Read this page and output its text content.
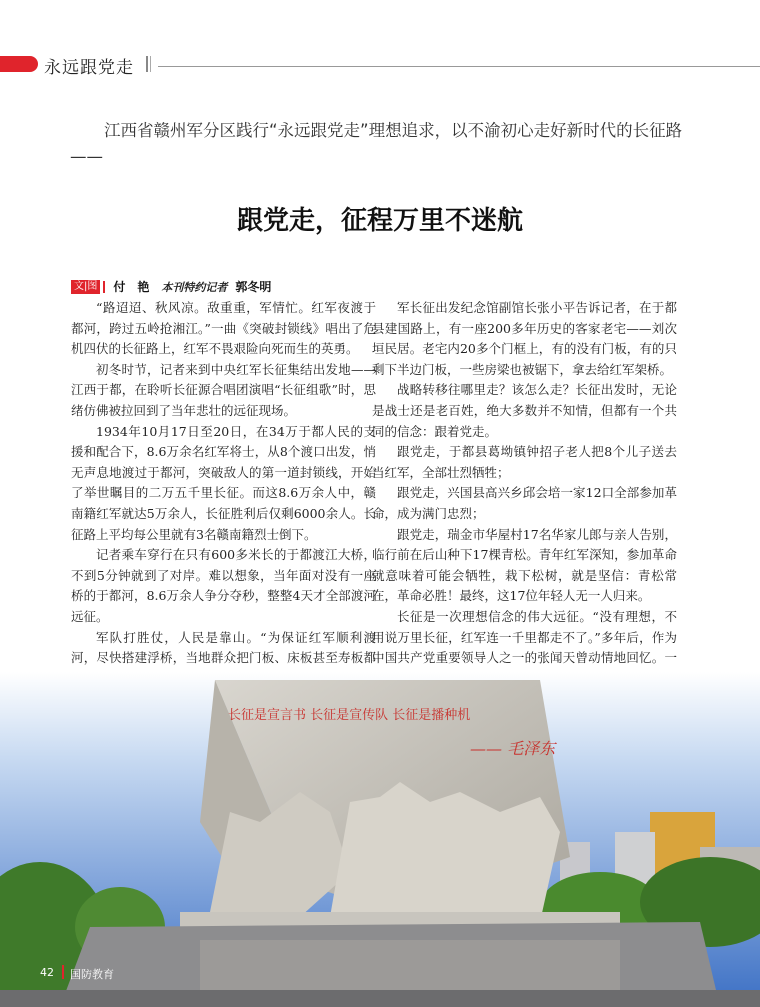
永远跟党走
江西省赣州军分区践行“永远跟党走”理想追求，以不渝初心走好新时代的长征路——
跟党走，征程万里不迷航
文|图 付　艳 本刊特约记者 郭冬明

“路迢迢、秋风凉。敌重重，军情忙。红军夜渡于都河，跨过五岭抢湘江。”一曲《突破封锁线》唱出了危机四伏的长征路上，红军不畏艰险向死而生的英勇。

初冬时节，记者来到中央红军长征集结出发地——江西于都，在聆听长征源合唱团演唱“长征组歌”时，思绪仿佛被拉回到了当年悲壮的远征现场。

1934年10月17日至20日，在34万于都人民的支援和配合下，8.6万余名红军将士，从8个渡口出发，悄无声息地渡过于都河，突破敌人的第一道封锁线，开始了举世瞩目的二万五千里长征。而这8.6万余人中，赣南籍红军就达5万余人，长征胜利后仅剩6000余人。长征路上平均每公里就有3名赣南籍烈士倒下。

记者乘车穿行在只有600多米长的于都渡江大桥，不到5分钟就到了对岸。难以想象，当年面对没有一座桥的于都河，8.6万余人争分夺秒，整整4天才全部渡河远征。

军队打胜仗，人民是靠山。“为保证红军顺利渡河，尽快搭建浮桥，当地群众把门板、床板甚至寿板都

军长征出发纪念馆副馆长张小平告诉记者，在于都县建国路上，有一座200多年历史的客家老宅——刘次垣民居。老宅内20多个门框上，有的没有门板，有的只剩下半边门板，一些房梁也被锯下，拿去给红军架桥。

战略转移往哪里走？该怎么走？长征出发时，无论是战士还是老百姓，绝大多数并不知情，但都有一个共同的信念：跟着党走。

跟党走，于都县葛坳镇钟招子老人把8个儿子送去当红军，全部壮烈牺牲；

跟党走，兴国县高兴乡邱会培一家12口全部参加革命，成为满门忠烈；

跟党走，瑞金市华屋村17名华家儿郎与亲人告别，临行前在后山种下17棵青松。青年红军深知，参加革命就意味着可能会牺牲，栽下松树，就是坚信：青松常在，革命必胜！最终，这17位年轻人无一人归来。

长征是一次理想信念的伟大远征。“没有理想，不用说万里长征，红军连一千里都走不了。”多年后，作为中国共产党重要领导人之一的张闻天曾动情地回忆。一

长征是宣言书 长征是宣传队 长征是播种机
—— 毛泽东
42 国防教育
